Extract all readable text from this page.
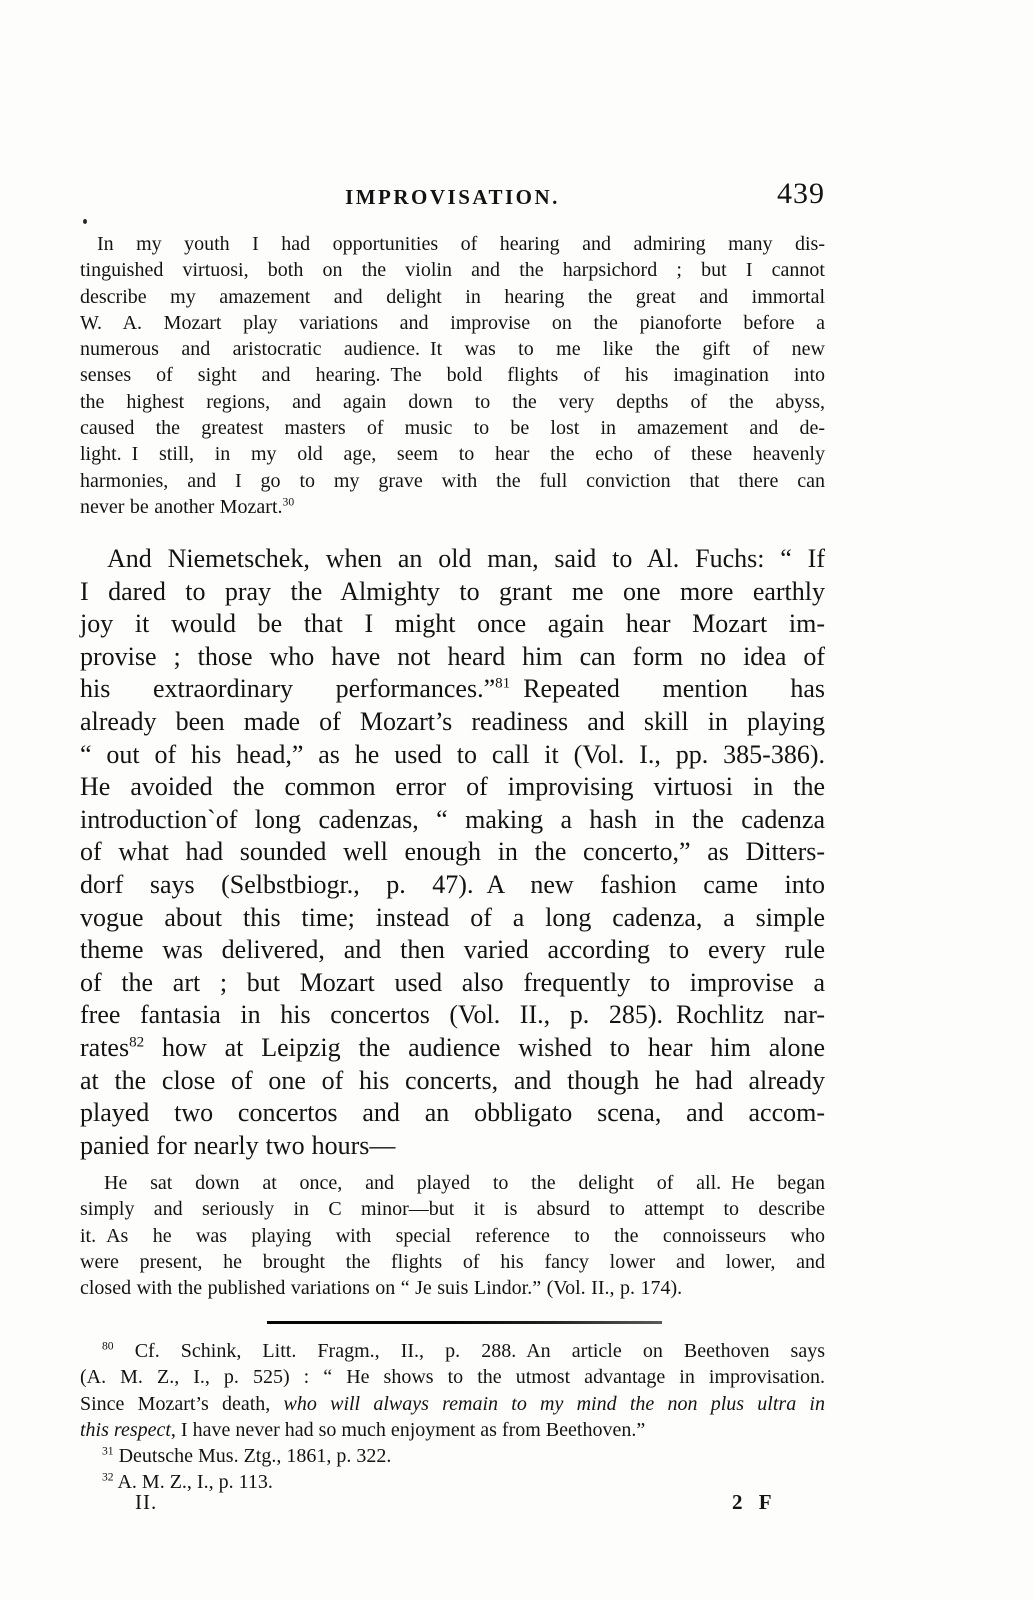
IMPROVISATION.	439
In my youth I had opportunities of hearing and admiring many dis-
tinguished virtuosi, both on the violin and the harpsichord ; but I cannot
describe my amazement and delight in hearing the great and immortal
W. A. Mozart play variations and improvise on the pianoforte before a
numerous and aristocratic audience. It was to me like the gift of new
senses of sight and hearing. The bold flights of his imagination into
the highest regions, and again down to the very depths of the abyss,
caused the greatest masters of music to be lost in amazement and de-
light. I still, in my old age, seem to hear the echo of these heavenly
harmonies, and I go to my grave with the full conviction that there can
never be another Mozart.$^{30}$
And Niemetschek, when an old man, said to Al. Fuchs: “ If
I dared to pray the Almighty to grant me one more earthly
joy it would be that I might once again hear Mozart im-
provise ; those who have not heard him can form no idea of
his extraordinary performances.”$^{81}$ Repeated mention has
already been made of Mozart’s readiness and skill in playing
“ out of his head,” as he used to call it (Vol. I., pp. 385-386).
He avoided the common error of improvising virtuosi in the
introduction`of long cadenzas, “ making a hash in the cadenza
of what had sounded well enough in the concerto,” as Ditters-
dorf says (Selbstbiogr., p. 47). A new fashion came into
vogue about this time; instead of a long cadenza, a simple
theme was delivered, and then varied according to every rule
of the art ; but Mozart used also frequently to improvise a
free fantasia in his concertos (Vol. II., p. 285). Rochlitz nar-
rates$^{82}$ how at Leipzig the audience wished to hear him alone
at the close of one of his concerts, and though he had already
played two concertos and an obbligato scena, and accom-
panied for nearly two hours—
He sat down at once, and played to the delight of all. He began
simply and seriously in C minor—but it is absurd to attempt to describe
it. As he was playing with special reference to the connoisseurs who
were present, he brought the flights of his fancy lower and lower, and
closed with the published variations on “ Je suis Lindor.” (Vol. II., p. 174).
$^{80}$ Cf. Schink, Litt. Fragm., II., p. 288. An article on Beethoven says
(A. M. Z., I., p. 525) : “ He shows to the utmost advantage in improvisation.
Since Mozart’s death, who will always remain to my mind the non plus ultra in
this respect, I have never had so much enjoyment as from Beethoven.”
$^{31}$ Deutsche Mus. Ztg., 1861, p. 322.
$^{32}$ A. M. Z., I., p. 113.
II.	2 F
